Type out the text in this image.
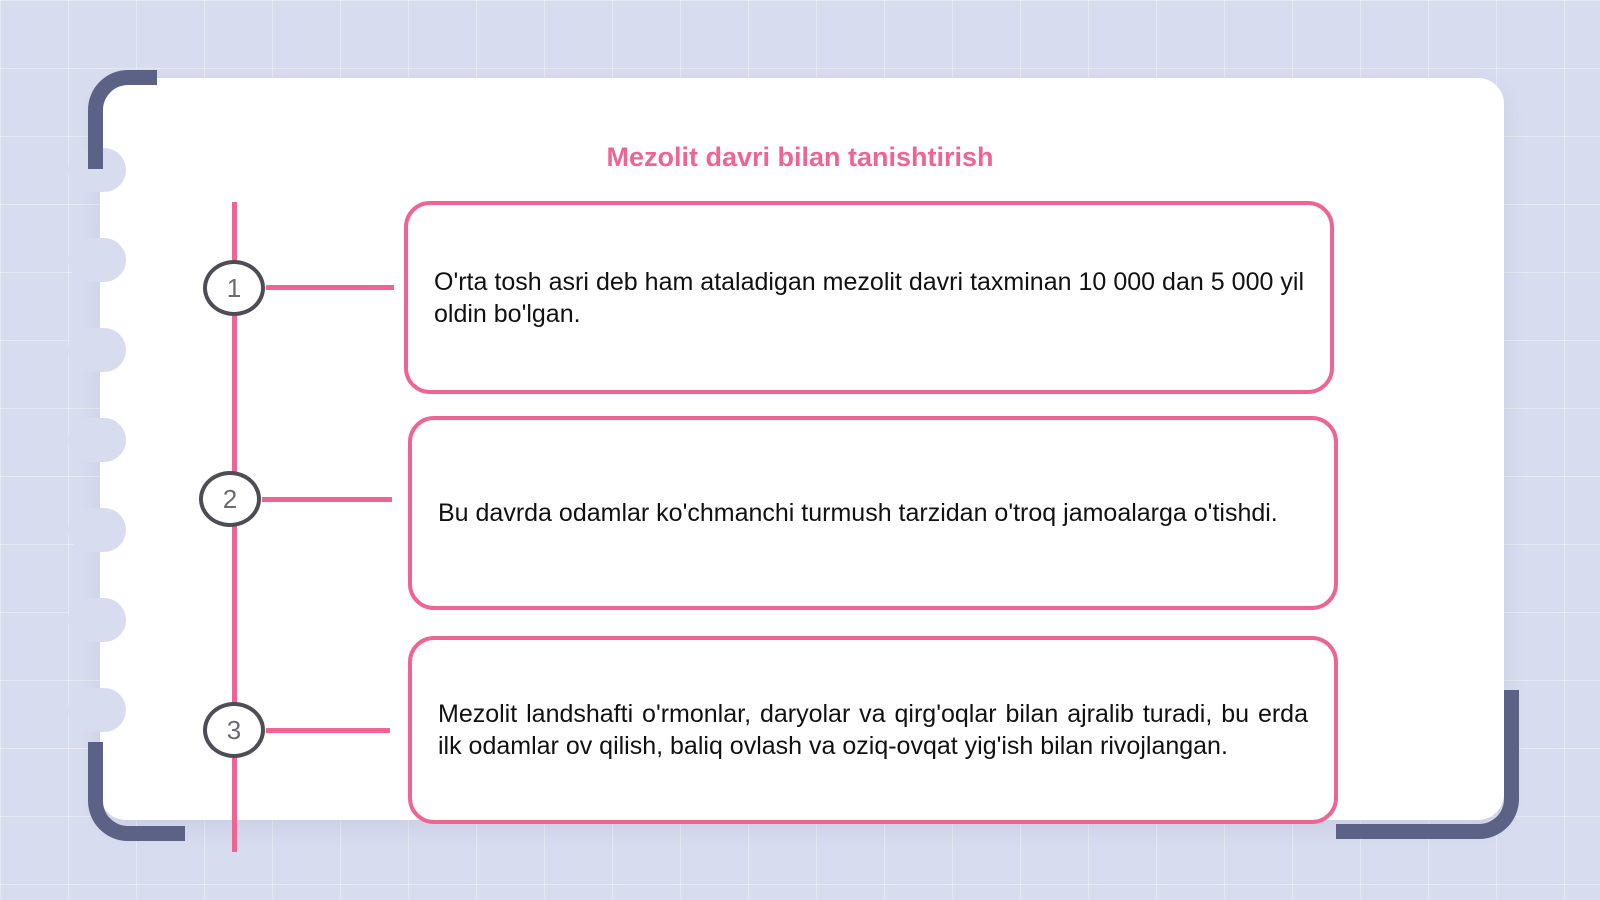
Mezolit davri bilan tanishtirish
1
2
3

O'rta tosh asri deb ham ataladigan mezolit davri taxminan 10 000 dan 5 000 yil oldin bo'lgan.

Bu davrda odamlar ko'chmanchi turmush tarzidan o'troq jamoalarga o'tishdi.

Mezolit landshafti o'rmonlar, daryolar va qirg'oqlar bilan ajralib turadi, bu erda ilk odamlar ov qilish, baliq ovlash va oziq-ovqat yig'ish bilan rivojlangan.
